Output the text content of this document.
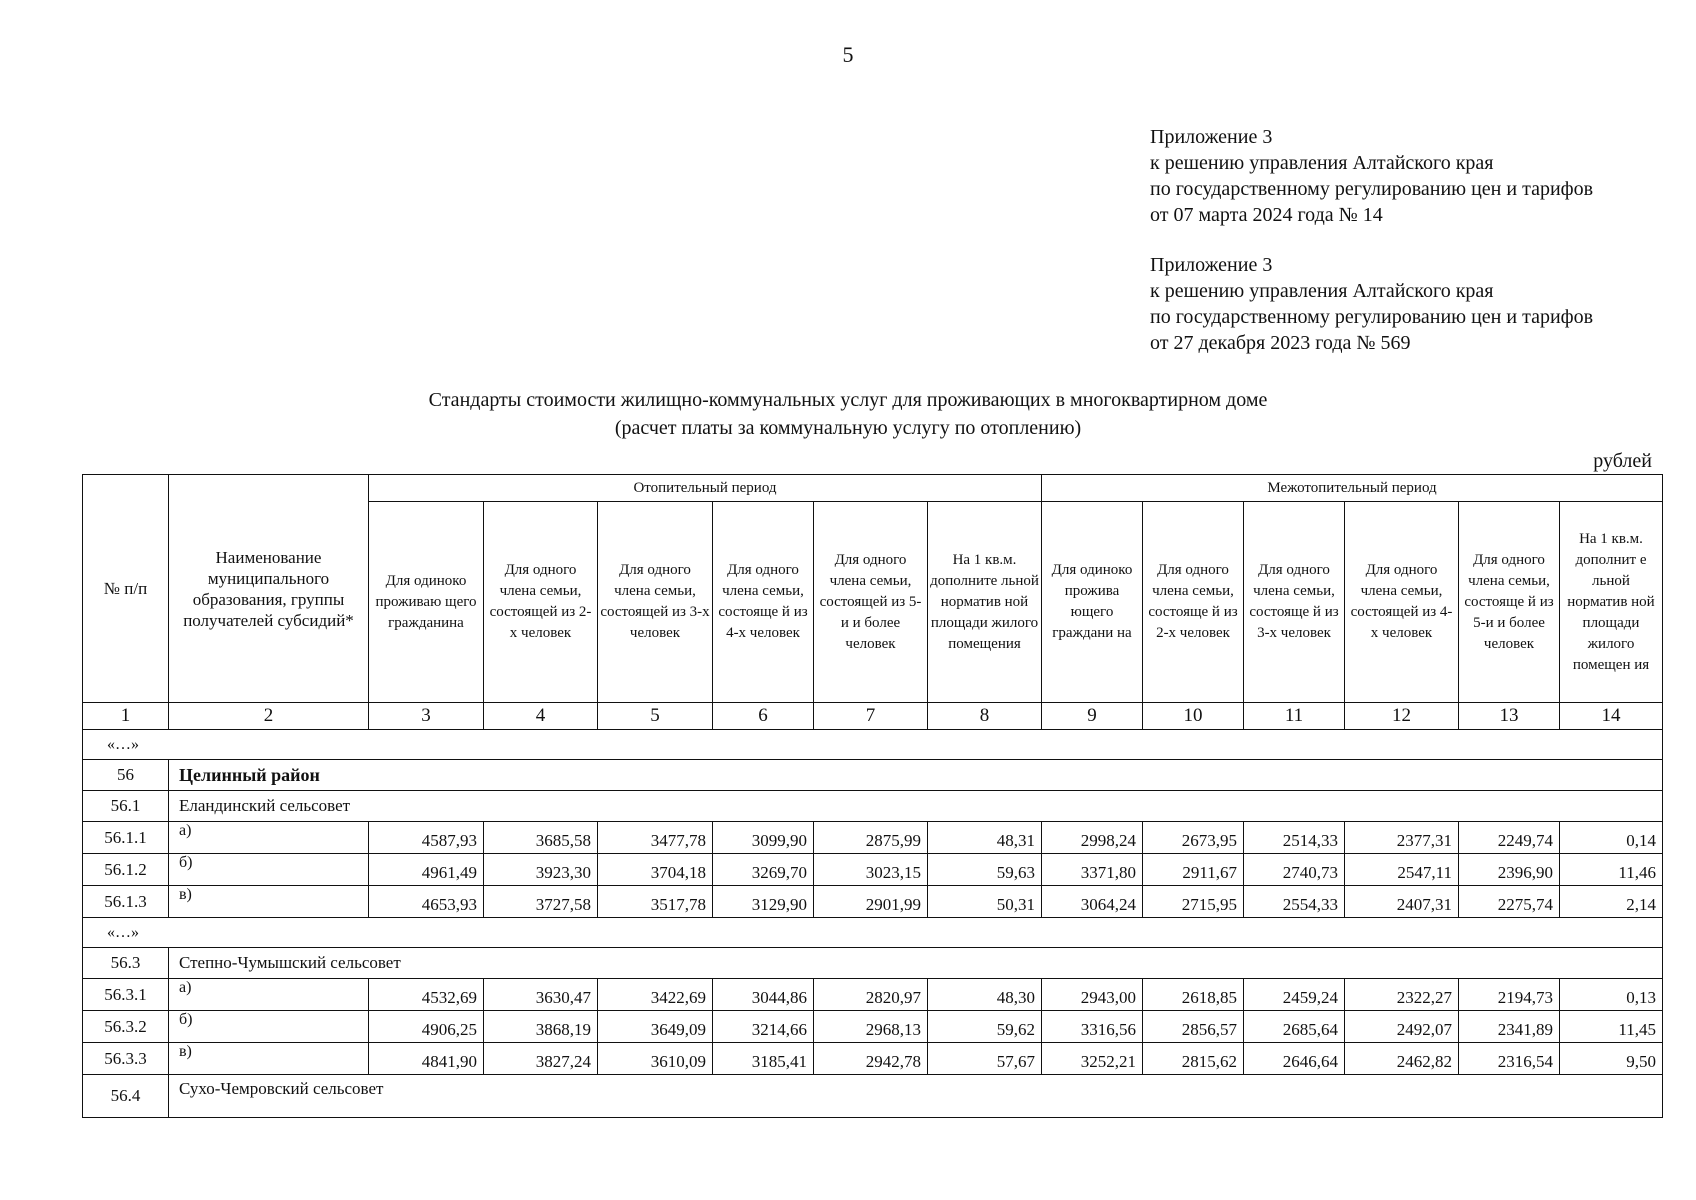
5
Приложение 3
к решению управления Алтайского края
по государственному регулированию цен и тарифов
от 07 марта 2024 года № 14
Приложение 3
к решению управления Алтайского края
по государственному регулированию цен и тарифов
от 27 декабря 2023 года № 569
Стандарты стоимости жилищно-коммунальных услуг для проживающих в многоквартирном доме
(расчет платы за коммунальную услугу по отоплению)
рублей
№ п/п	Наименование муниципального образования, группы получателей субсидий*	Отопительный период						Межотопительный период					
		Для одиноко проживаю щего гражданина	Для одного члена семьи, состоящей из 2-х человек	Для одного члена семьи, состоящей из 3-х человек	Для одного члена семьи, состояще й из 4-х человек	Для одного члена семьи, состоящей из 5-и и более человек	На 1 кв.м. дополните льной норматив ной площади жилого помещения	Для одиноко прожива ющего граждани на	Для одного члена семьи, состояще й из 2-х человек	Для одного члена семьи, состояще й из 3-х человек	Для одного члена семьи, состоящей из 4-х человек	Для одного члена семьи, состояще й из 5-и и более человек	На 1 кв.м. дополнит е льной норматив ной площади жилого помещен ия
1	2	3	4	5	6	7	8	9	10	11	12	13	14
«…»													
56	Целинный район												
56.1	Еландинский сельсовет												
56.1.1	а)	4587,93	3685,58	3477,78	3099,90	2875,99	48,31	2998,24	2673,95	2514,33	2377,31	2249,74	0,14
56.1.2	б)	4961,49	3923,30	3704,18	3269,70	3023,15	59,63	3371,80	2911,67	2740,73	2547,11	2396,90	11,46
56.1.3	в)	4653,93	3727,58	3517,78	3129,90	2901,99	50,31	3064,24	2715,95	2554,33	2407,31	2275,74	2,14
«…»													
56.3	Степно-Чумышский сельсовет												
56.3.1	а)	4532,69	3630,47	3422,69	3044,86	2820,97	48,30	2943,00	2618,85	2459,24	2322,27	2194,73	0,13
56.3.2	б)	4906,25	3868,19	3649,09	3214,66	2968,13	59,62	3316,56	2856,57	2685,64	2492,07	2341,89	11,45
56.3.3	в)	4841,90	3827,24	3610,09	3185,41	2942,78	57,67	3252,21	2815,62	2646,64	2462,82	2316,54	9,50
56.4	Сухо-Чемровский сельсовет												
